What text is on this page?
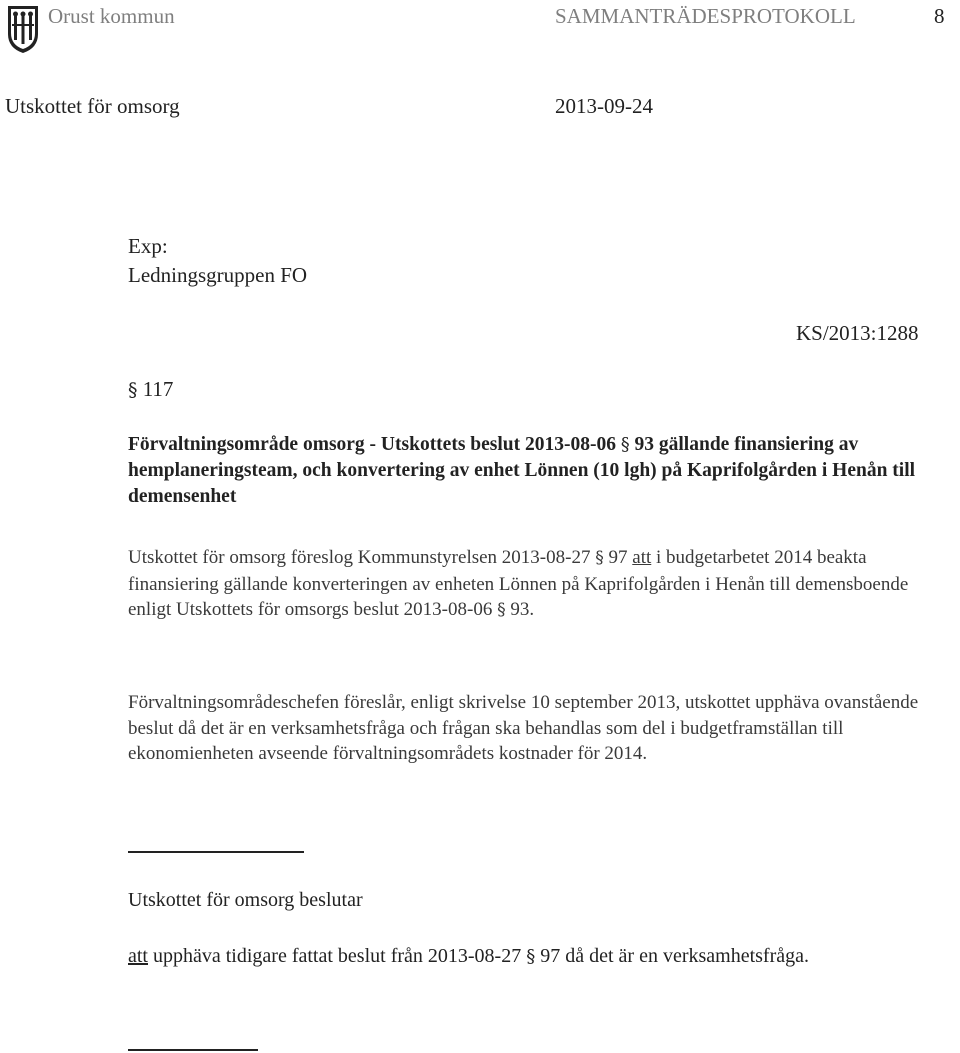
Orust kommun	SAMMANTRÄDESPROTOKOLL	8
Utskottet för omsorg	2013-09-24
Exp:
Ledningsgruppen FO
KS/2013:1288
§ 117
Förvaltningsområde omsorg - Utskottets beslut 2013-08-06 § 93 gällande finansiering av hemplaneringsteam, och konvertering av enhet Lönnen (10 lgh) på Kaprifolgården i Henån till demensenhet
Utskottet för omsorg föreslog Kommunstyrelsen 2013-08-27 § 97 att i budgetarbetet 2014 beakta finansiering gällande konverteringen av enheten Lönnen på Kaprifolgården i Henån till demensboende enligt Utskottets för omsorgs beslut 2013-08-06 § 93.
Förvaltningsområdeschefen föreslår, enligt skrivelse 10 september 2013, utskottet upphäva ovanstående beslut då det är en verksamhetsfråga och frågan ska behandlas som del i budgetframställan till ekonomienheten avseende förvaltningsområdets kostnader för 2014.
Utskottet för omsorg beslutar
att upphäva tidigare fattat beslut från 2013-08-27 § 97 då det är en verksamhetsfråga.
